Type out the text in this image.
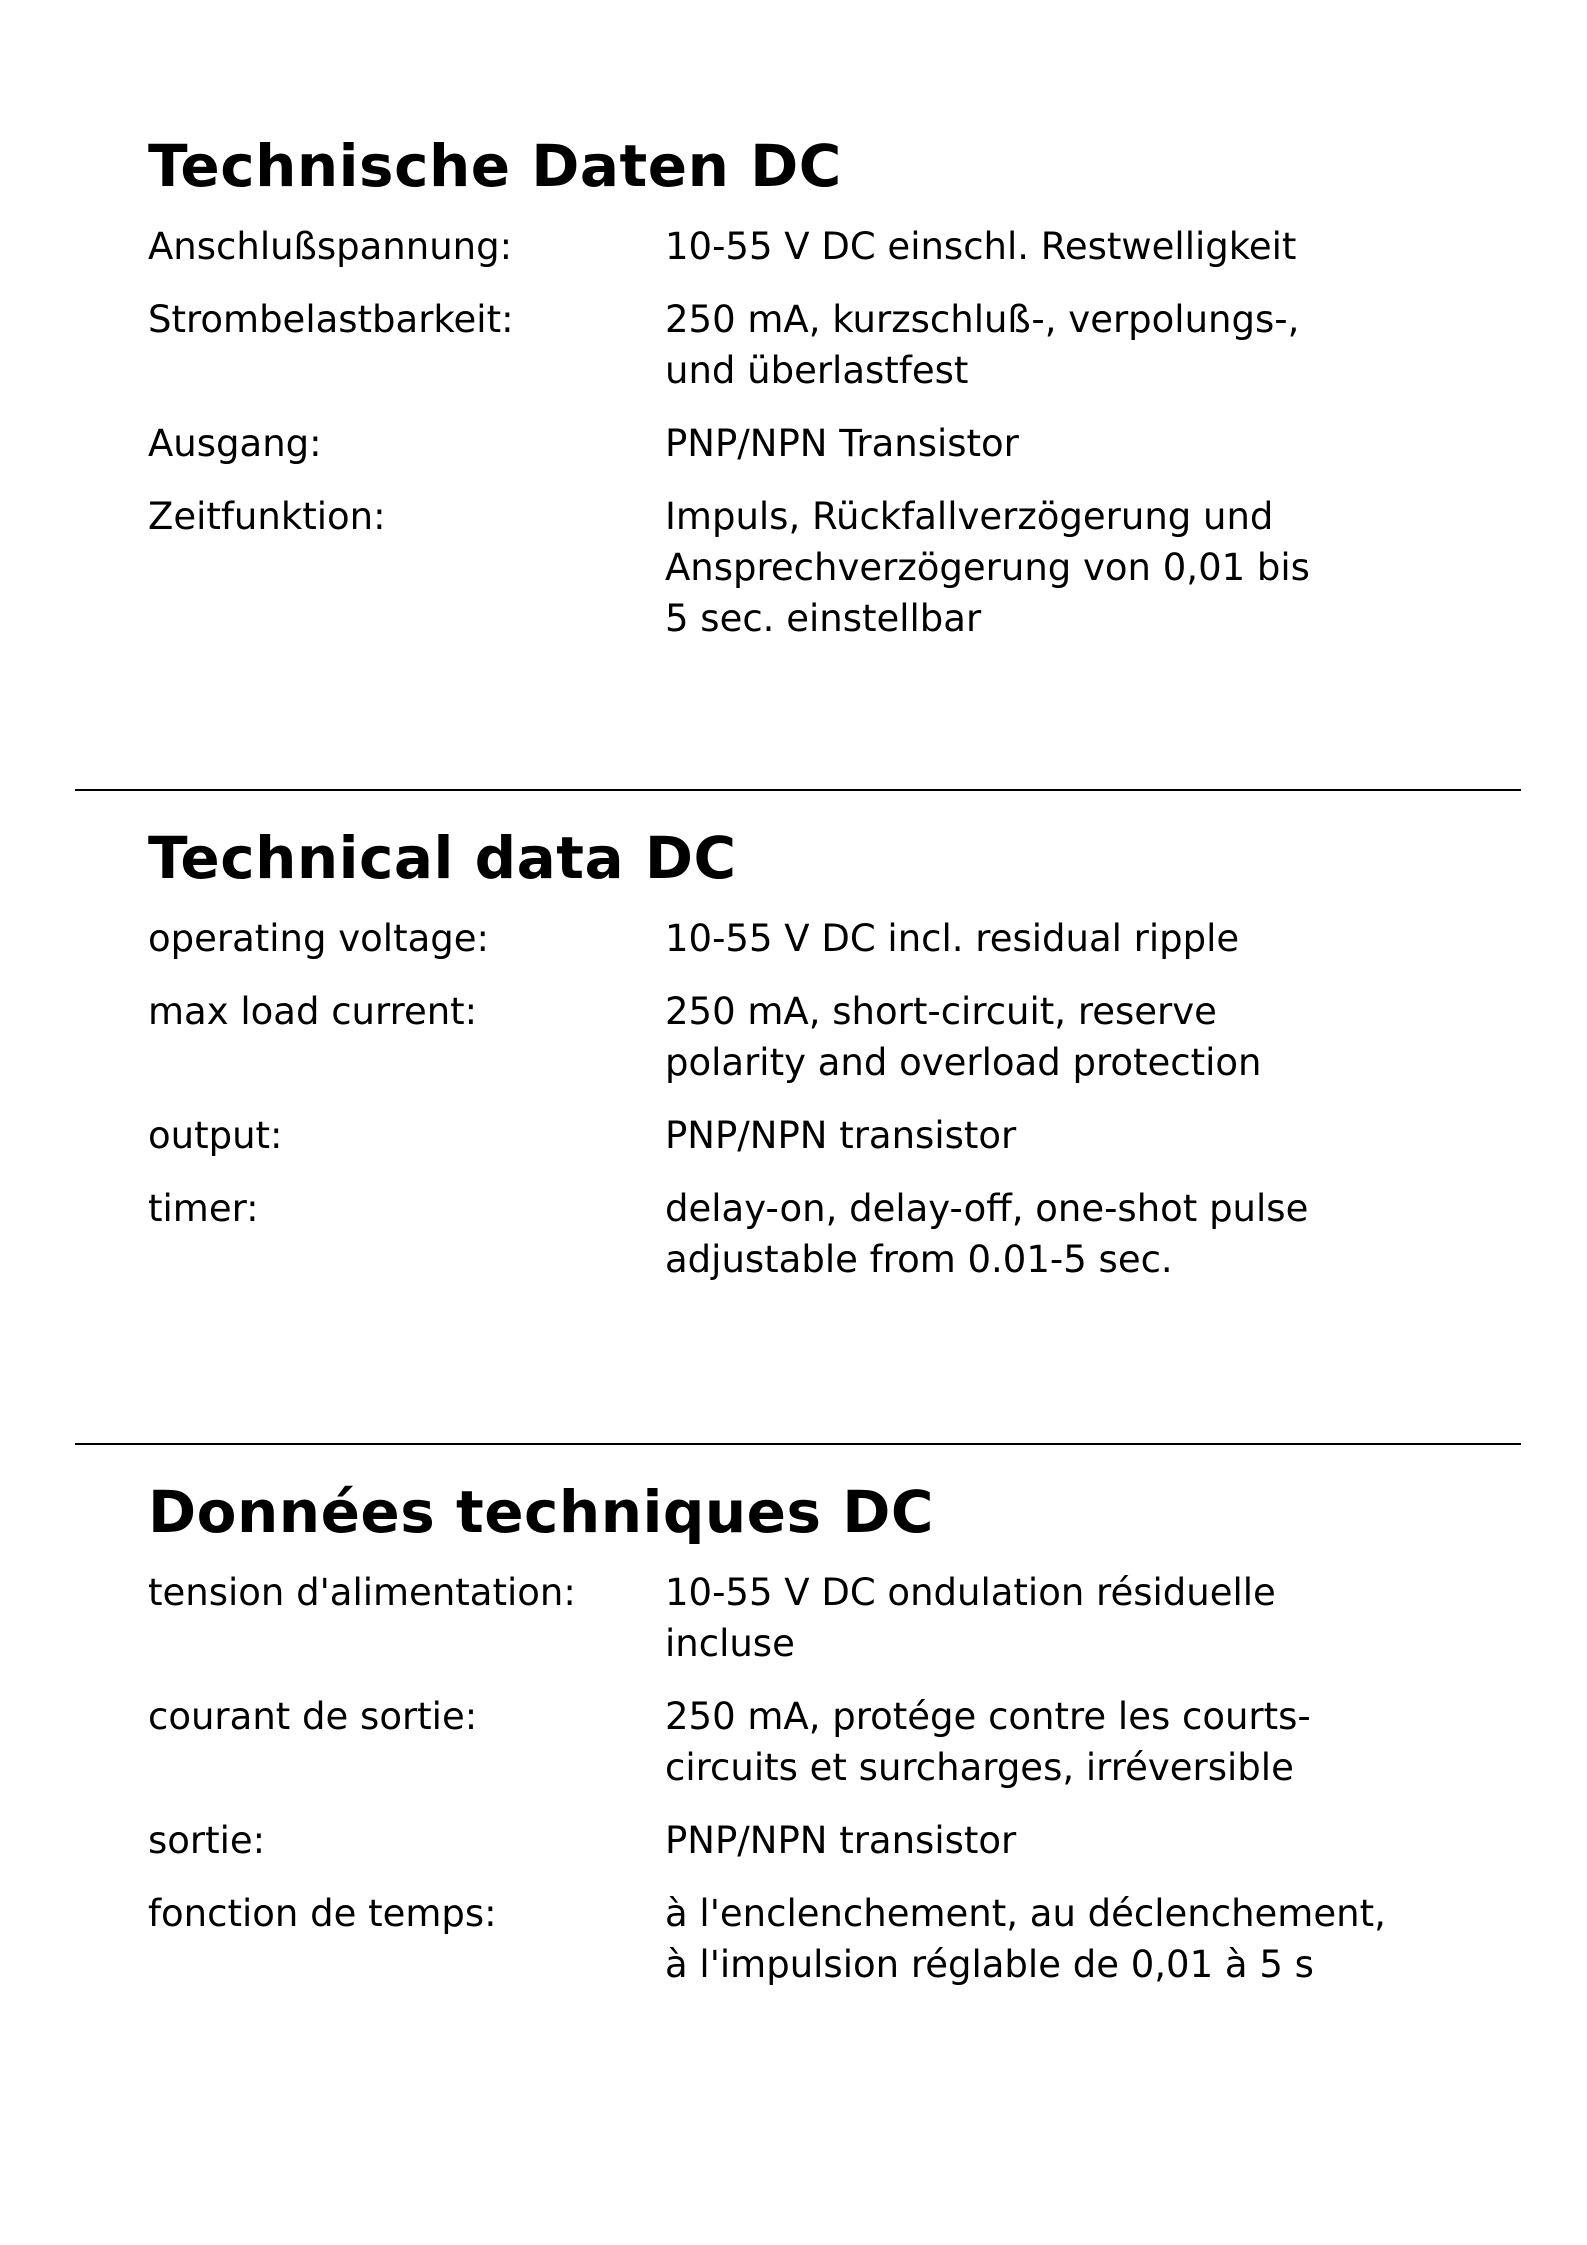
Technische Daten DC
Anschlußspannung:	10-55 V DC einschl. Restwelligkeit
Strombelastbarkeit:	250 mA, kurzschluß-, verpolungs-,
und überlastfest
Ausgang:	PNP/NPN Transistor
Zeitfunktion:	Impuls, Rückfallverzögerung und
Ansprechverzögerung von 0,01 bis
5 sec. einstellbar
Technical data DC
operating voltage:	10-55 V DC incl. residual ripple
max load current:	250 mA, short-circuit, reserve
polarity and overload protection
output:	PNP/NPN transistor
timer:	delay-on, delay-off, one-shot pulse
adjustable from 0.01-5 sec.
Données techniques DC
tension d'alimentation:	10-55 V DC ondulation résiduelle
incluse
courant de sortie:	250 mA, protége contre les courts-
circuits et surcharges, irréversible
sortie:	PNP/NPN transistor
fonction de temps:	à l'enclenchement, au déclenchement,
à l'impulsion réglable de 0,01 à 5 s
